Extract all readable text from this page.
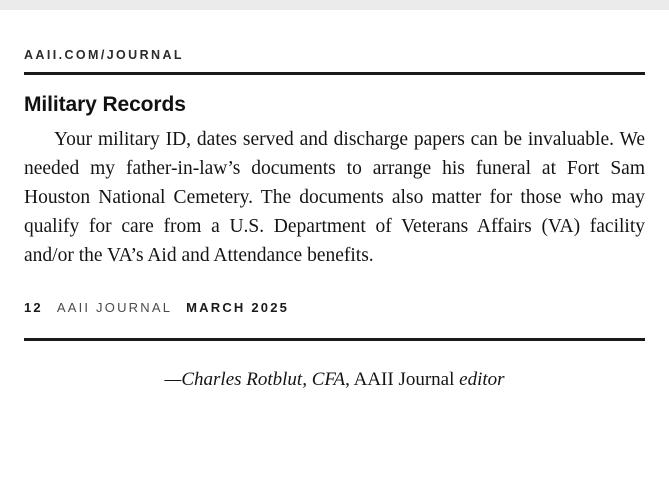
AAII.COM/JOURNAL
Military Records

Your military ID, dates served and discharge papers can be invaluable. We needed my father-in-law’s documents to arrange his funeral at Fort Sam Houston National Cemetery. The documents also matter for those who may qualify for care from a U.S. Department of Veterans Affairs (VA) facility and/or the VA’s Aid and Attendance benefits.

12 AAII JOURNAL MARCH 2025
—Charles Rotblut, CFA, AAII Journal editor
